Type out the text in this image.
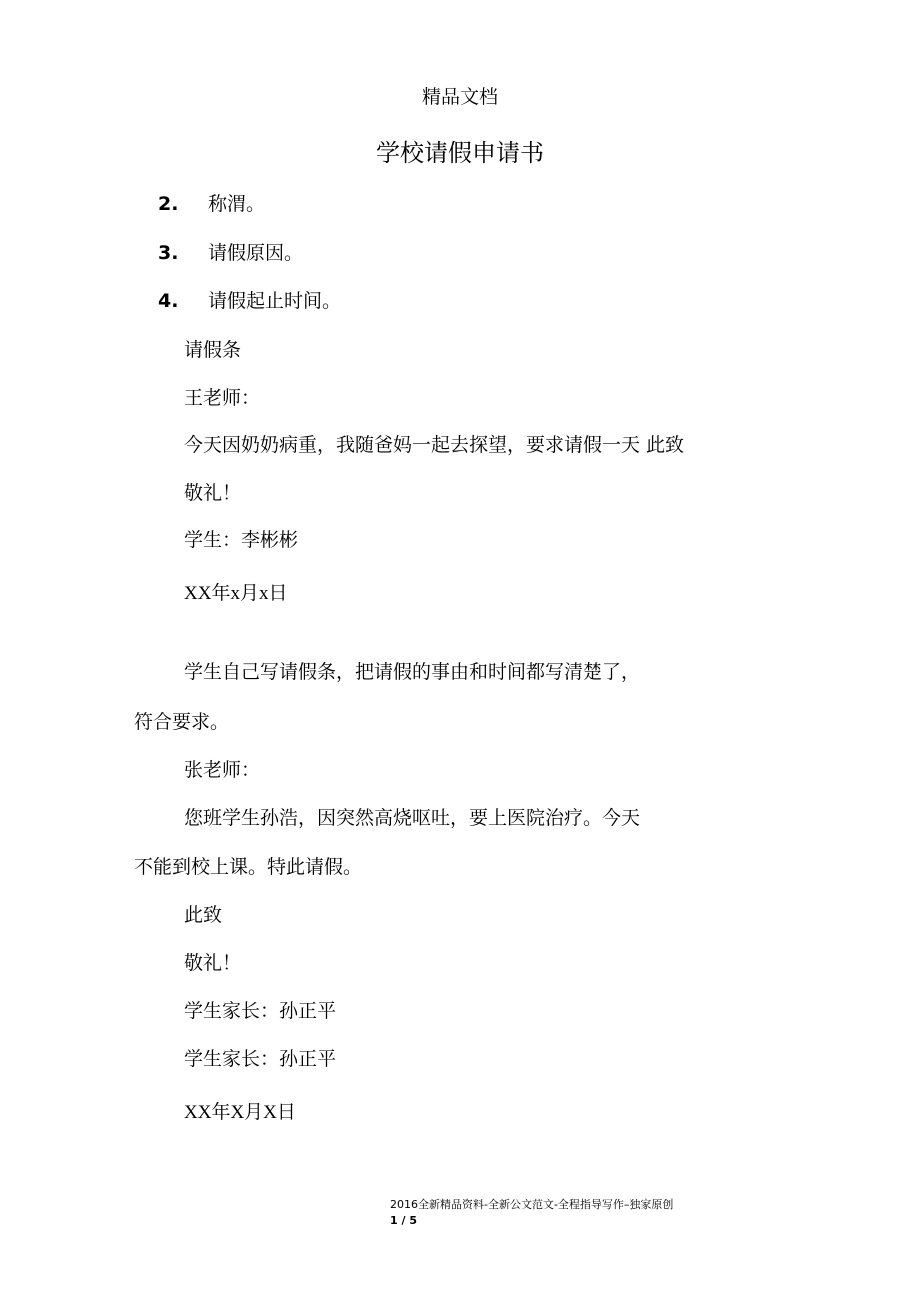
精品文档
学校请假申请书
2. 称渭。
3. 请假原因。
4. 请假起止时间。
请假条
王老师：
今天因奶奶病重，我随爸妈一起去探望，要求请假一天 此致
敬礼！
学生：李彬彬
XX年x月x日
学生自己写请假条，把请假的事由和时间都写清楚了，
符合要求。
张老师：
您班学生孙浩，因突然高烧呕吐，要上医院治疗。今天
不能到校上课。特此请假。
此致
敬礼！
学生家长：孙正平
学生家长：孙正平
XX年X月X日
2016全新精品资料-全新公文范文-全程指导写作–独家原创
1 / 5
